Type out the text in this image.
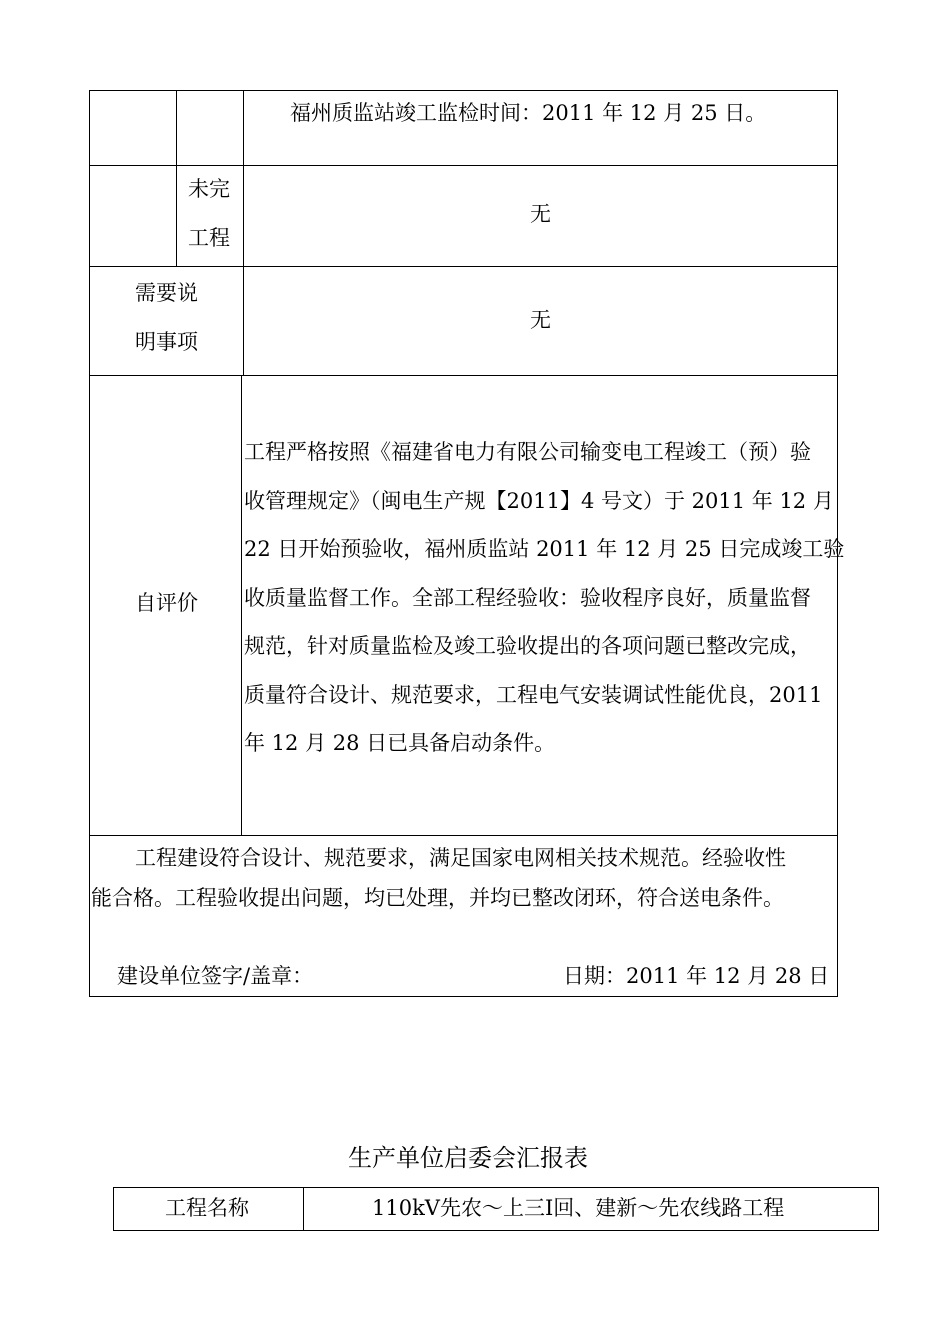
福州质监站竣工监检时间：2011 年 12 月 25 日。
未完
工程
无
需要说
明事项
无
自评价
工程严格按照《福建省电力有限公司输变电工程竣工（预）验
收管理规定》（闽电生产规【2011】4 号文）于 2011 年 12 月
22 日开始预验收，福州质监站 2011 年 12 月 25 日完成竣工验
收质量监督工作。全部工程经验收：验收程序良好，质量监督
规范，针对质量监检及竣工验收提出的各项问题已整改完成，
质量符合设计、规范要求，工程电气安装调试性能优良，2011
年 12 月 28 日已具备启动条件。
工程建设符合设计、规范要求，满足国家电网相关技术规范。经验收性
能合格。工程验收提出问题，均已处理，并均已整改闭环，符合送电条件。
建设单位签字/盖章：	日期：2011 年 12 月 28 日
生产单位启委会汇报表
工程名称	110kV先农～上三Ⅰ回、建新～先农线路工程
